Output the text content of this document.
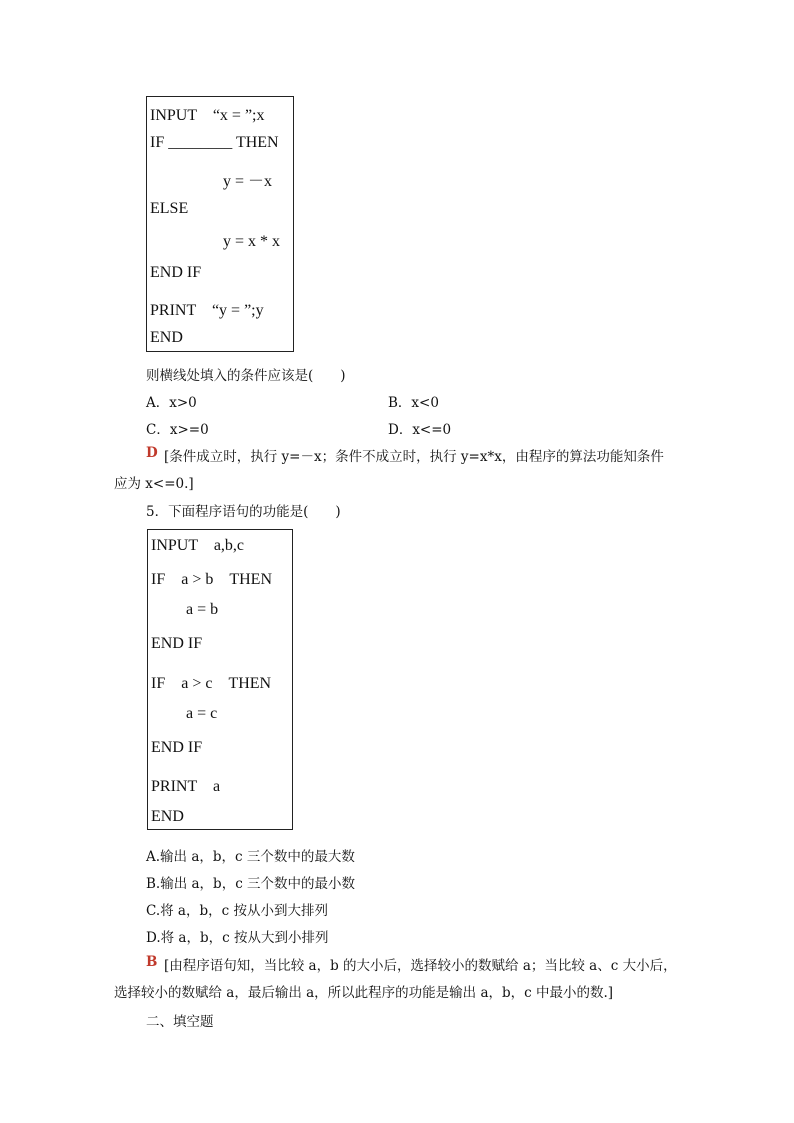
INPUT　“x = ”;x
IF ________ THEN
y = －x
ELSE
y = x * x
END IF
PRINT　“y = ”;y
END
则横线处填入的条件应该是(　　)
A．x>0	B．x<0
C．x>=0	D．x<=0
D [条件成立时，执行 y=－x；条件不成立时，执行 y=x*x，由程序的算法功能知条件
应为 x<=0.]
5．下面程序语句的功能是(　　)
INPUT　a,b,c
IF　a > b　THEN
a = b
END IF
IF　a > c　THEN
a = c
END IF
PRINT　a
END
A.输出 a，b，c 三个数中的最大数
B.输出 a，b，c 三个数中的最小数
C.将 a，b，c 按从小到大排列
D.将 a，b，c 按从大到小排列
B [由程序语句知，当比较 a，b 的大小后，选择较小的数赋给 a；当比较 a、c 大小后，
选择较小的数赋给 a，最后输出 a，所以此程序的功能是输出 a，b，c 中最小的数.]
二、填空题
